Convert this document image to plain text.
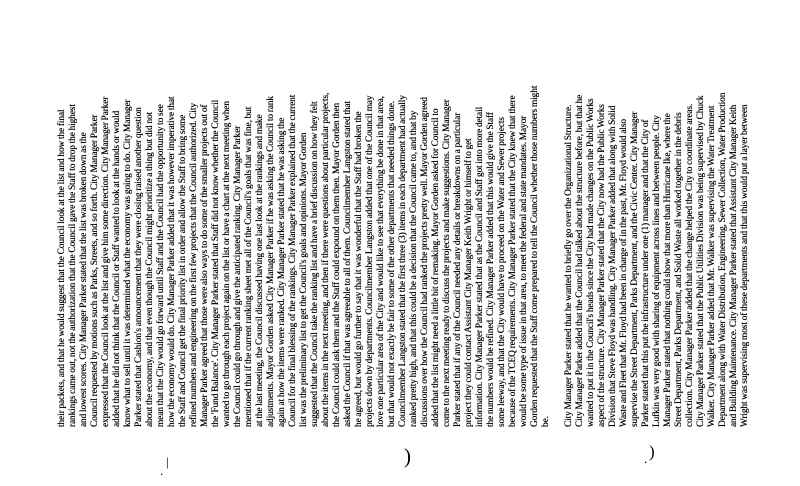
their packets, and that he would suggest that the Council look at the list and how the final rankings came out, not the authorization that the Council gave the Staff to drop the highest and lowest scores. City Manager Parker stated that the list was broken down as the Council requested by motions such as Parks, Streets, and so forth. City Manager Parker expressed that the Council look at the list and give him some direction. City Manager Parker added that he did not think that the Council or Staff wanted to look at the hands or would know what to sell until it was determined what the economy was going to do. City Manager Parker stated that Cashion's announcement that they were closing raised another question about the economy, and that even though the Council might prioritize a thing but did not mean that the City would go forward until Staff and the Council had the opportunity to see how the economy would do. City Manager Parker added that it was however imperative that the Staff and Council get the final priority list in order and allow the Staff to bring some refined numbers and engineering on the first few projects that the Council authorized. City Manager Parker agreed that those were also ways to do some of the smaller projects out of the 'Fund Balance'. City Manager Parker stated that Staff did not know whether the Council wanted to go through each project again on the list or have a chart at the next meeting when the Council could go through and give the anticipated ranking. City Manager Parker mentioned that if the current ranking sheet met all of the Council's goals that was fine, but at the last meeting, the Council discussed having one last look at the rankings and make adjustments. Mayor Gorden asked City Manager Parker if he was asking the Council to rank again at how the items were ranked. City Manager Parker stated that he was asking the Council for the final blessing of the rankings. City Manager Parker explained that the current list was the preliminary list to get the Council's goals and opinions. Mayor Gorden suggested that the Council take the ranking list and have a brief discussion on how they felt about the items in the next meeting, and then if there were questions about particular projects, the Council could ask them and the Staff could expound on them then. Mayor Gorden then asked the Council if that was agreeable to all of them. Councilmember Langston stated that he agreed, but would go further to say that it was wonderful that the Staff had broken the projects down by departments. Councilmember Langston added that one of the Council may love one particular area of the City and would like to see that everything be done in that area, but that would not exactly be fair to some of the other departments that needed things done. Councilmember Langston stated that the first three (3) items in each department had actually ranked pretty high, and that this could be a decision that the Council came to, and that by discussions over how the Council had ranked the projects pretty well. Mayor Gorden agreed added that the list might need a little bit of remaking. Mayor Gorden asked for Council to come to the next meeting ready to discuss the projects and make suggestions. City Manager Parker stated that if any of the Council needed any details or breakdowns on a particular project they could contact Assistant City Manager Keith Wright or himself to get information. City Manager Parker stated that as the Council and Staff got into more detail the numbers would be refined. City Manager Parker added that this would give the Staff some leeway, and that the City would have to proceed on the Water and Sewer projects because of the TCEQ requirements. City Manager Parker stated that the City knew that there would be some type of issue in that area, to meet the federal and state mandates. Mayor Gorden requested that the Staff come prepared to tell the Council whether those numbers might be. City Manager Parker stated that he wanted to briefly go over the Organizational Structure. City Manager Parker added that the Council had talked about the structure before, but that he wanted to put it in the Council's heads since the City had made changes on the Public Works aspect of the structure. City Manager Parker stated that the City now had the Public Works Division that Steve Floyd was handling. City Manager Parker added that along with Solid Waste and Fleet that Mr. Floyd had been in charge of in the past, Mr. Floyd would also supervise the Street Department, Parks Department, and the Civic Center. City Manager Parker stated that this put the infrastructure under one (1) manager and that the City of Lufkin was very good with sharing of equipment across lines and between people. City Manager Parker stated that nothing could show that more than Hurricane Ike, where the Street Department, Parks Department, and Solid Waste all worked together in the debris collection. City Manager Parker added that the change helped the City to coordinate areas. City Manager Parker stated that the Public Utilities Division was being supervised by Chuck Walker. City Manager Parker added that Mr. Walker was supervising the Water Treatment Department along with Water Distribution, Engineering, Sewer Collection, Water Production and Building Maintenance. City Manager Parker stated that Assistant City Manager Keith Wright was supervising most of these departments and that this would put a layer between
|
.
)	)
.
